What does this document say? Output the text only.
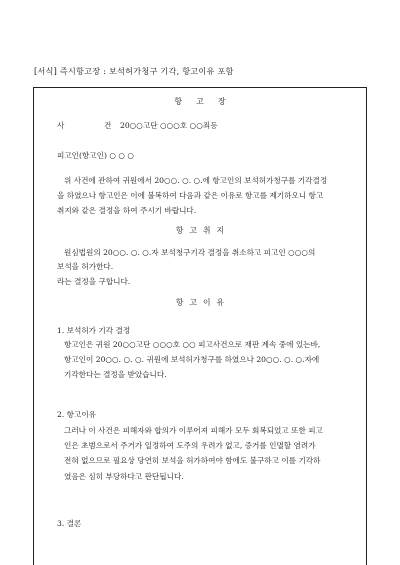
[서식] 즉시항고장 : 보석허가청구 기각, 항고이유 포함
항고장
사	건 20○○고단 ○○○호 ○○죄등
피고인(항고인) ○ ○ ○
위 사건에 관하여 귀원에서 20○○. ○. ○.에 항고인의 보석허가청구를 기각결정
을 하였으나 항고인은 이에 불복하여 다음과 같은 이유로 항고를 제기하오니 항고
취지와 같은 결정을 하여 주시기 바랍니다.
항고취지
원심법원의 20○○. ○. ○.자 보석청구기각 결정을 취소하고 피고인 ○○○의
보석을 허가한다.
라는 결정을 구합니다.
항고이유
1. 보석허가 기각 결정
항고인은 귀원 20○○고단 ○○○호 ○○ 피고사건으로 재판 계속 중에 있는바,
항고인이 20○○. ○. ○. 귀원에 보석허가청구를 하였으나 20○○. ○. ○.자에
기각한다는 결정을 받았습니다.
2. 항고이유
그러나 이 사건은 피해자와 합의가 이루어져 피해가 모두 회복되었고 또한 피고
인은 초범으로서 주거가 일정하여 도주의 우려가 없고, 증거를 인멸할 염려가
전혀 없으므로 필요상 당연히 보석을 허가하여야 함에도 불구하고 이를 기각하
였음은 심히 부당하다고 판단됩니다.
3. 결론
